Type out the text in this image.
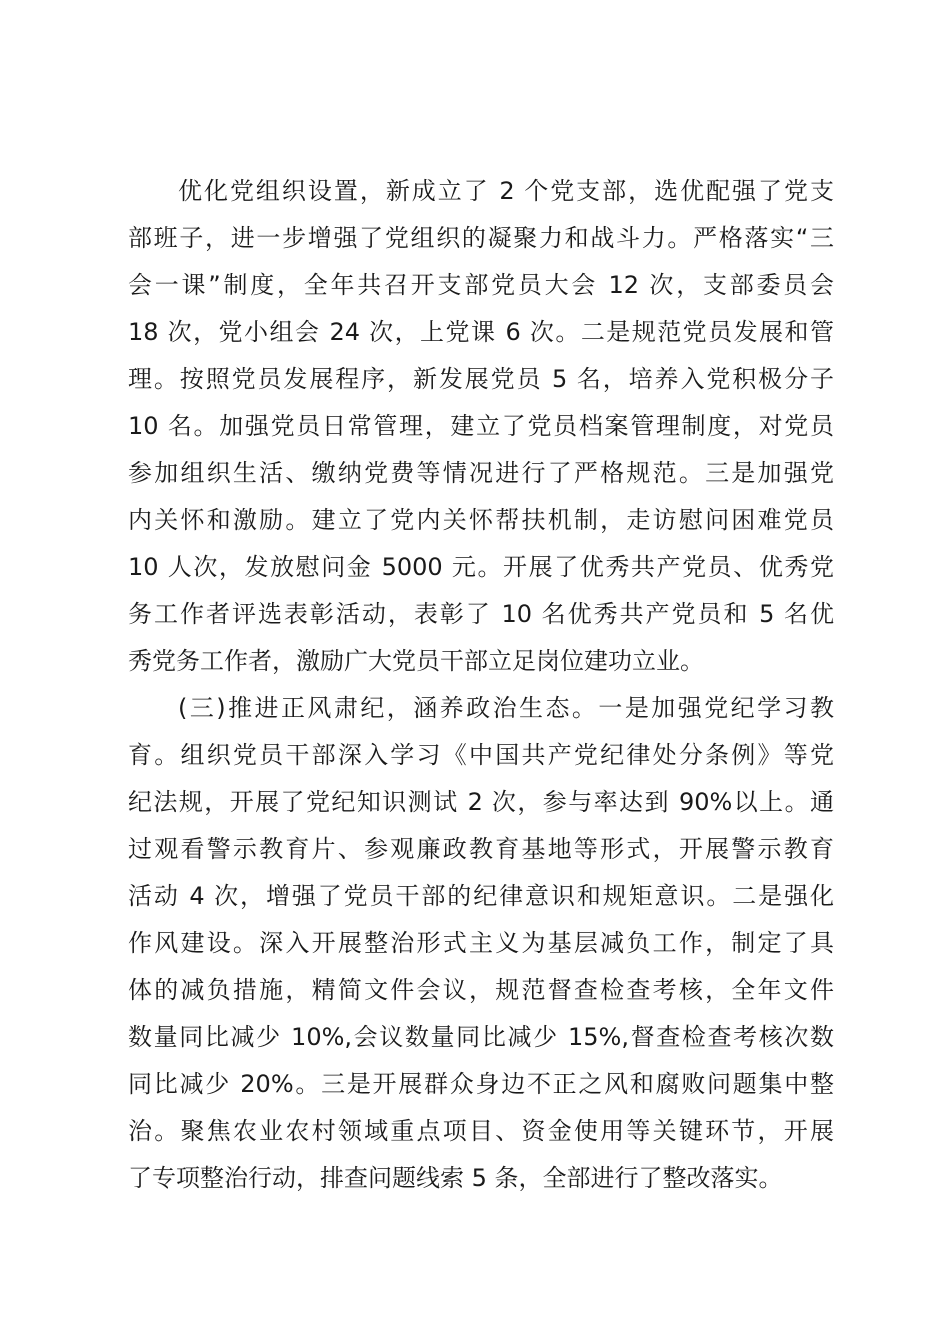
优化党组织设置，新成立了 2 个党支部，选优配强了党支
部班子，进一步增强了党组织的凝聚力和战斗力。严格落实“三
会一课”制度，全年共召开支部党员大会 12 次，支部委员会
18 次，党小组会 24 次，上党课 6 次。二是规范党员发展和管
理。按照党员发展程序，新发展党员 5 名，培养入党积极分子
10 名。加强党员日常管理，建立了党员档案管理制度，对党员
参加组织生活、缴纳党费等情况进行了严格规范。三是加强党
内关怀和激励。建立了党内关怀帮扶机制，走访慰问困难党员
10 人次，发放慰问金 5000 元。开展了优秀共产党员、优秀党
务工作者评选表彰活动，表彰了 10 名优秀共产党员和 5 名优
秀党务工作者，激励广大党员干部立足岗位建功立业。
(三)推进正风肃纪，涵养政治生态。一是加强党纪学习教
育。组织党员干部深入学习《中国共产党纪律处分条例》等党
纪法规，开展了党纪知识测试 2 次，参与率达到 90%以上。通
过观看警示教育片、参观廉政教育基地等形式，开展警示教育
活动 4 次，增强了党员干部的纪律意识和规矩意识。二是强化
作风建设。深入开展整治形式主义为基层减负工作，制定了具
体的减负措施，精简文件会议，规范督查检查考核，全年文件
数量同比减少 10%,会议数量同比减少 15%,督查检查考核次数
同比减少 20%。三是开展群众身边不正之风和腐败问题集中整
治。聚焦农业农村领域重点项目、资金使用等关键环节，开展
了专项整治行动，排查问题线索 5 条，全部进行了整改落实。
